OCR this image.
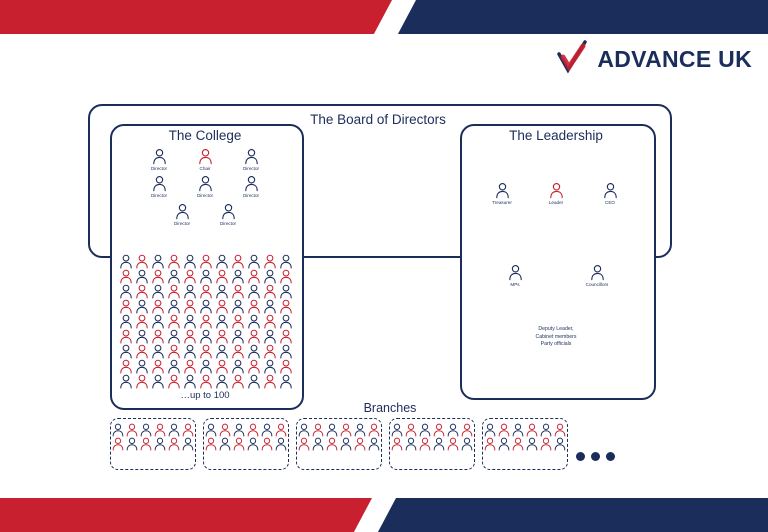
ADVANCE UK
The Board of Directors
The College
Director	Chair	Director
Director	Director	Director
Director	Director
…up to 100
The Leadership
Treasurer	Leader	CEO
MPs	Councillors
Deputy Leader,
Cabinet members
Party officials
Branches
